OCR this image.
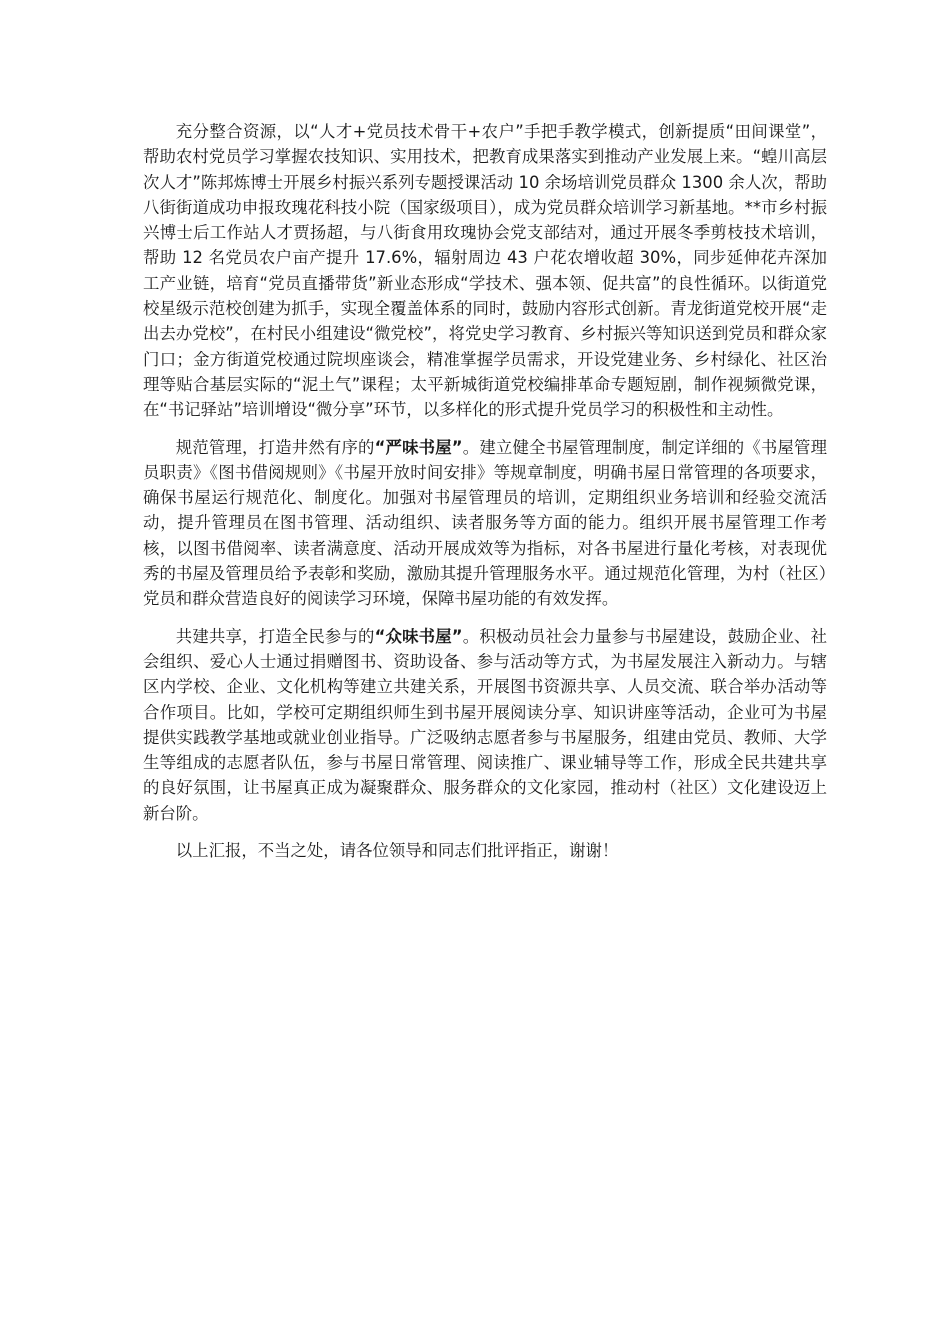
充分整合资源，以“人才+党员技术骨干+农户”手把手教学模式，创新提质“田间课堂”，帮助农村党员学习掌握农技知识、实用技术，把教育成果落实到推动产业发展上来。“蝗川高层次人才”陈邦炼博士开展乡村振兴系列专题授课活动 10 余场培训党员群众 1300 余人次，帮助八街街道成功申报玫瑰花科技小院（国家级项目），成为党员群众培训学习新基地。**市乡村振兴博士后工作站人才贾扬超，与八街食用玫瑰协会党支部结对，通过开展冬季剪枝技术培训，帮助 12 名党员农户亩产提升 17.6%，辐射周边 43 户花农增收超 30%，同步延伸花卉深加工产业链，培育“党员直播带货”新业态形成“学技术、强本领、促共富”的良性循环。以街道党校星级示范校创建为抓手，实现全覆盖体系的同时，鼓励内容形式创新。青龙街道党校开展“走出去办党校”，在村民小组建设“微党校”，将党史学习教育、乡村振兴等知识送到党员和群众家门口；金方街道党校通过院坝座谈会，精准掌握学员需求，开设党建业务、乡村绿化、社区治理等贴合基层实际的“泥土气”课程；太平新城街道党校编排革命专题短剧，制作视频微党课，在“书记驿站”培训增设“微分享”环节，以多样化的形式提升党员学习的积极性和主动性。

规范管理，打造井然有序的“严味书屋”。建立健全书屋管理制度，制定详细的《书屋管理员职责》《图书借阅规则》《书屋开放时间安排》等规章制度，明确书屋日常管理的各项要求，确保书屋运行规范化、制度化。加强对书屋管理员的培训，定期组织业务培训和经验交流活动，提升管理员在图书管理、活动组织、读者服务等方面的能力。组织开展书屋管理工作考核，以图书借阅率、读者满意度、活动开展成效等为指标，对各书屋进行量化考核，对表现优秀的书屋及管理员给予表彰和奖励，激励其提升管理服务水平。通过规范化管理，为村（社区）党员和群众营造良好的阅读学习环境，保障书屋功能的有效发挥。

共建共享，打造全民参与的“众味书屋”。积极动员社会力量参与书屋建设，鼓励企业、社会组织、爱心人士通过捐赠图书、资助设备、参与活动等方式，为书屋发展注入新动力。与辖区内学校、企业、文化机构等建立共建关系，开展图书资源共享、人员交流、联合举办活动等合作项目。比如，学校可定期组织师生到书屋开展阅读分享、知识讲座等活动，企业可为书屋提供实践教学基地或就业创业指导。广泛吸纳志愿者参与书屋服务，组建由党员、教师、大学生等组成的志愿者队伍，参与书屋日常管理、阅读推广、课业辅导等工作，形成全民共建共享的良好氛围，让书屋真正成为凝聚群众、服务群众的文化家园，推动村（社区）文化建设迈上新台阶。

以上汇报，不当之处，请各位领导和同志们批评指正，谢谢！
